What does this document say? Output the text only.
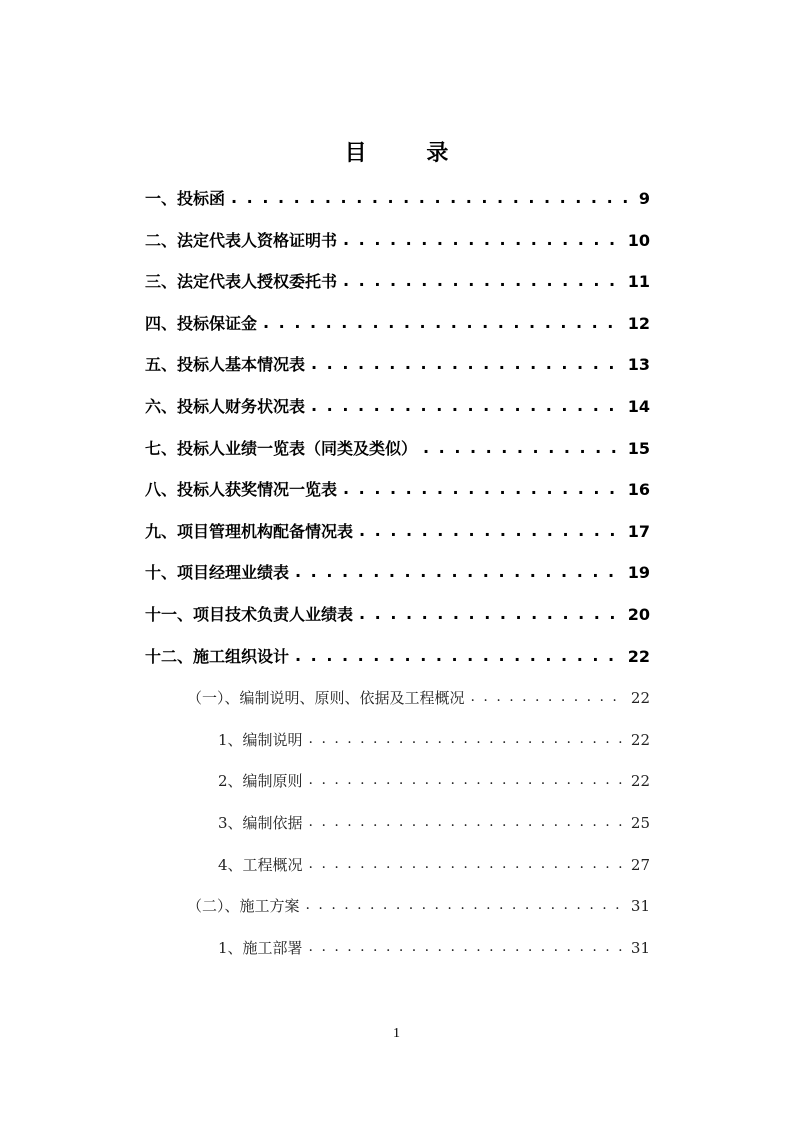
目 录
一、投标函 . . .	9
二、法定代表人资格证明书 . . .	10
三、法定代表人授权委托书 . . .	11
四、投标保证金 . . .	12
五、投标人基本情况表 . . .	13
六、投标人财务状况表 . . .	14
七、投标人业绩一览表（同类及类似） . . .	15
八、投标人获奖情况一览表 . . .	16
九、项目管理机构配备情况表 . . .	17
十、项目经理业绩表 . . .	19
十一、项目技术负责人业绩表 . . .	20
十二、施工组织设计 . . .	22
（一）、编制说明、原则、依据及工程概况 . . .	22
1、编制说明 . . .	22
2、编制原则 . . .	22
3、编制依据 . . .	25
4、工程概况 . . .	27
（二）、施工方案 . . .	31
1、施工部署 . . .	31
1
